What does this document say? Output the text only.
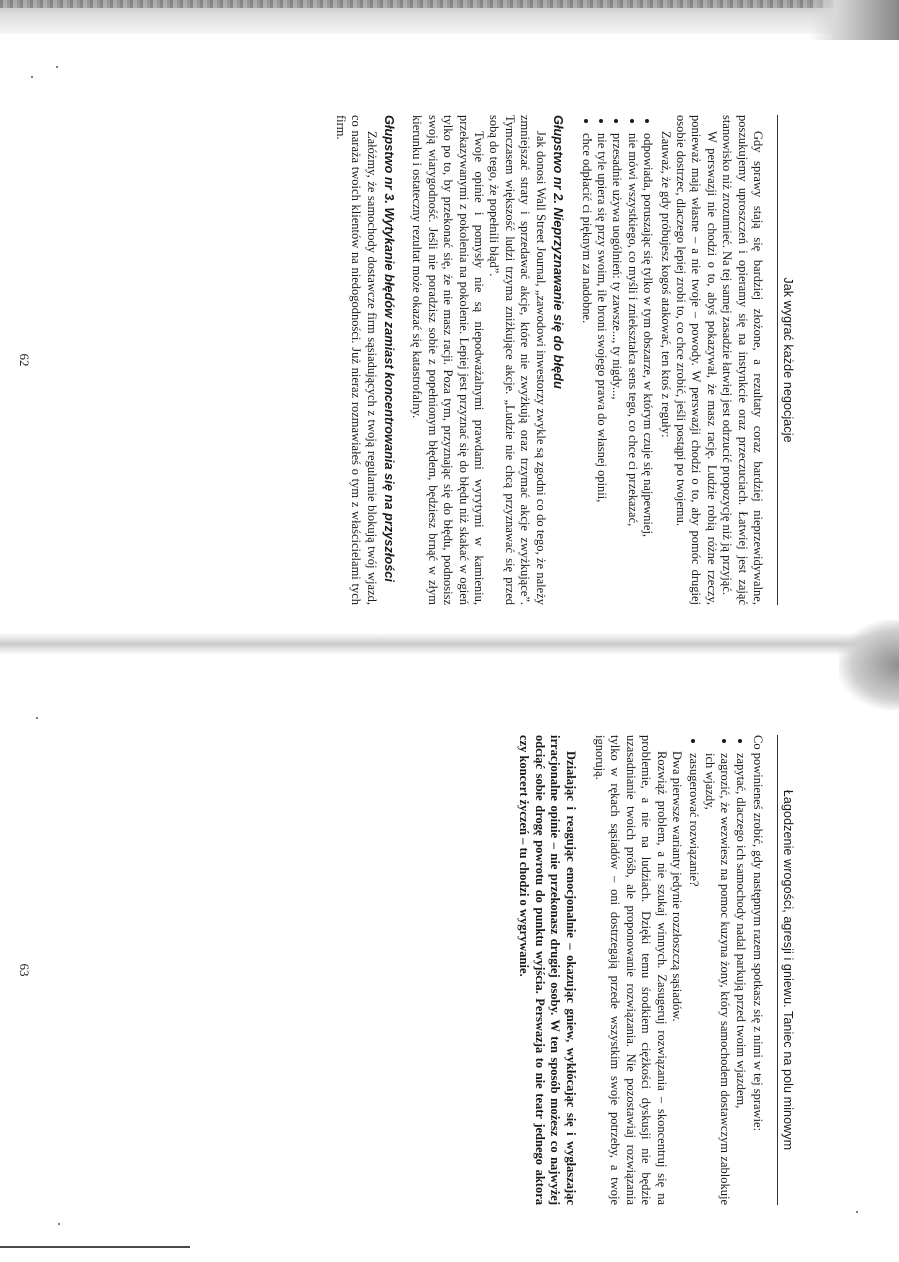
Jak wygrać każde negocjacje

Gdy sprawy stają się bardziej złożone, a rezultaty coraz bardziej nieprzewidywalne, poszukujemy uproszczeń i opieramy się na instynkcie oraz przeczuciach. Łatwiej jest zająć stanowisko niż zrozumieć. Na tej samej zasadzie łatwiej jest odrzucić propozycję niż ją przyjąć.

W perswazji nie chodzi o to, abyś pokazywał, że masz rację. Ludzie robią różne rzeczy, ponieważ mają własne – a nie twoje – powody. W perswazji chodzi o to, aby pomóc drugiej osobie dostrzec, dlaczego lepiej zrobi to, co chce zrobić, jeśli postąpi po twojemu.

Zauważ, że gdy próbujesz kogoś atakować, ten ktoś z reguły:

• odpowiada, poruszając się tylko w tym obszarze, w którym czuje się najpewniej,
• nie mówi wszystkiego, co myśli i zniekształca sens tego, co chce ci przekazać,
• przesadnie używa uogólnień: ty zawsze..., ty nigdy...,
• nie tyle upiera się przy swoim, ile broni swojego prawa do własnej opinii,
• chce odpłacić ci pięknym za nadobne.
Głupstwo nr 2. Nieprzyznawanie się do błędu

Jak donosi Wall Street Journal, „zawodowi inwestorzy zwykle są zgodni co do tego, że należy zmniejszać straty i sprzedawać akcje, które nie zwyżkują oraz trzymać akcje zwyżkujące”. Tymczasem większość ludzi trzyma zniżkujące akcje. „Ludzie nie chcą przyznawać się przed sobą do tego, że popełnili błąd”.

Twoje opinie i pomysły nie są niepodważalnymi prawdami wyrytymi w kamieniu, przekazywanymi z pokolenia na pokolenie. Lepiej jest przyznać się do błędu niż skakać w ogień tylko po to, by przekonać się, że nie masz racji. Poza tym, przyznając się do błędu, podnosisz swoją wiarygodność. Jeśli nie poradzisz sobie z popełnionym błędem, będziesz brnąć w złym kierunku i ostateczny rezultat może okazać się katastrofalny.

Głupstwo nr 3. Wytykanie błędów zamiast koncentrowania się na przyszłości

Załóżmy, że samochody dostawcze firm sąsiadujących z twoją regularnie blokują twój wjazd, co naraża twoich klientów na niedogodności. Już nieraz rozmawiałeś o tym z właścicielami tych firm.

62
Łagodzenie wrogości, agresji i gniewu. Taniec na polu minowym

Co powinieneś zrobić, gdy następnym razem spotkasz się z nimi w tej sprawie:

• zapytać, dlaczego ich samochody nadal parkują przed twoim wjazdem,
• zagrozić, że wezwiesz na pomoc kuzyna żony, który samochodem dostawczym zablokuje ich wjazdy,
• zasugerować rozwiązanie?

Dwa pierwsze warianty jedynie rozzłoszczą sąsiadów.

Rozwiąż problem, a nie szukaj winnych. Zasugeruj rozwiązania – skoncentruj się na problemie, a nie na ludziach. Dzięki temu środkiem ciężkości dyskusji nie będzie uzasadnianie twoich próśb, ale proponowanie rozwiązania. Nie pozostawiaj rozwiązania tylko w rękach sąsiadów – oni dostrzegają przede wszystkim swoje potrzeby, a twoje ignorują.

Działając i reagując emocjonalnie – okazując gniew, wykłócając się i wygłaszając irracjonalne opinie – nie przekonasz drugiej osoby. W ten sposób możesz co najwyżej odciąć sobie drogę powrotu do punktu wyjścia. Perswazja to nie teatr jednego aktora czy koncert życzeń – tu chodzi o wygrywanie.

63
